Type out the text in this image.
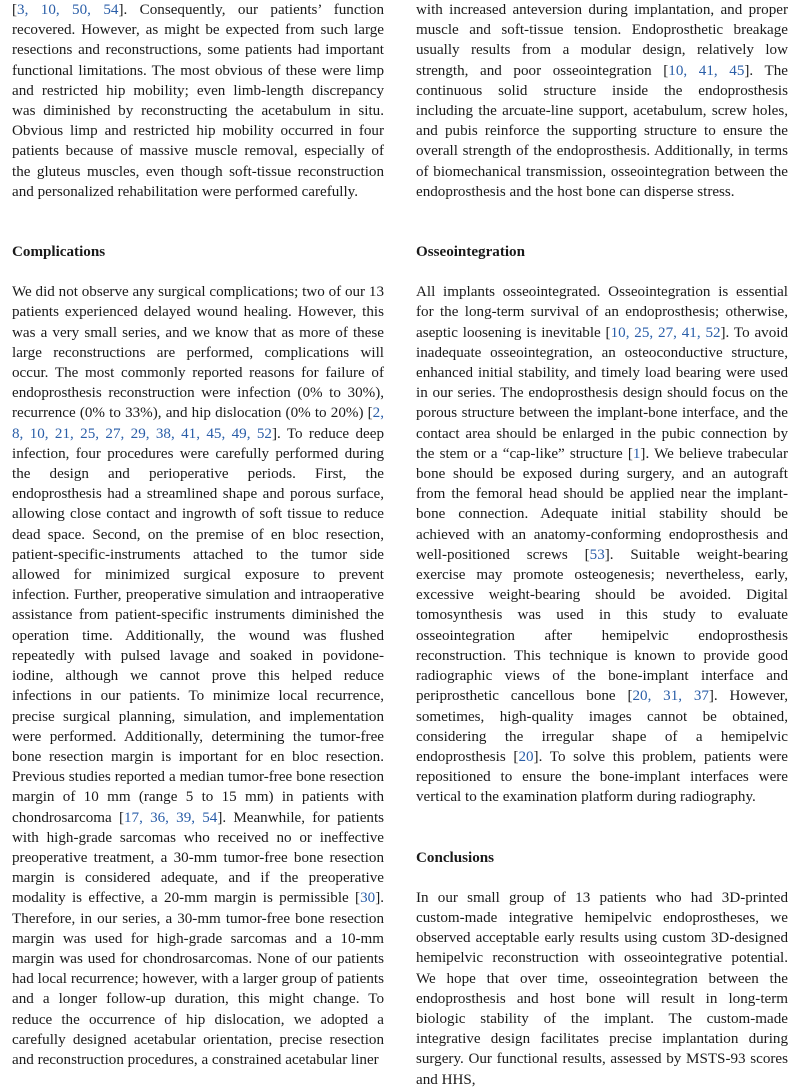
[3, 10, 50, 54]. Consequently, our patients’ function recovered. However, as might be expected from such large resections and reconstructions, some patients had important functional limitations. The most obvious of these were limp and restricted hip mobility; even limb-length discrepancy was diminished by reconstructing the acetabulum in situ. Obvious limp and restricted hip mobility occurred in four patients because of massive muscle removal, especially of the gluteus muscles, even though soft-tissue reconstruction and personalized rehabilitation were performed carefully.

Complications

We did not observe any surgical complications; two of our 13 patients experienced delayed wound healing. However, this was a very small series, and we know that as more of these large reconstructions are performed, complications will occur. The most commonly reported reasons for failure of endoprosthesis reconstruction were infection (0% to 30%), recurrence (0% to 33%), and hip dislocation (0% to 20%) [2, 8, 10, 21, 25, 27, 29, 38, 41, 45, 49, 52]. To reduce deep infection, four procedures were carefully performed during the design and perioperative periods. First, the endoprosthesis had a streamlined shape and porous surface, allowing close contact and ingrowth of soft tissue to reduce dead space. Second, on the premise of en bloc resection, patient-specific-instruments attached to the tumor side allowed for minimized surgical exposure to prevent infection. Further, preoperative simulation and intraoperative assistance from patient-specific instruments diminished the operation time. Additionally, the wound was flushed repeatedly with pulsed lavage and soaked in povidone-iodine, although we cannot prove this helped reduce infections in our patients. To minimize local recurrence, precise surgical planning, simulation, and implementation were performed. Additionally, determining the tumor-free bone resection margin is important for en bloc resection. Previous studies reported a median tumor-free bone resection margin of 10 mm (range 5 to 15 mm) in patients with chondrosarcoma [17, 36, 39, 54]. Meanwhile, for patients with high-grade sarcomas who received no or ineffective preoperative treatment, a 30-mm tumor-free bone resection margin is considered adequate, and if the preoperative modality is effective, a 20-mm margin is permissible [30]. Therefore, in our series, a 30-mm tumor-free bone resection margin was used for high-grade sarcomas and a 10-mm margin was used for chondrosarcomas. None of our patients had local recurrence; however, with a larger group of patients and a longer follow-up duration, this might change. To reduce the occurrence of hip dislocation, we adopted a carefully designed acetabular orientation, precise resection and reconstruction procedures, a constrained acetabular liner

with increased anteversion during implantation, and proper muscle and soft-tissue tension. Endoprosthetic breakage usually results from a modular design, relatively low strength, and poor osseointegration [10, 41, 45]. The continuous solid structure inside the endoprosthesis including the arcuate-line support, acetabulum, screw holes, and pubis reinforce the supporting structure to ensure the overall strength of the endoprosthesis. Additionally, in terms of biomechanical transmission, osseointegration between the endoprosthesis and the host bone can disperse stress.

Osseointegration

All implants osseointegrated. Osseointegration is essential for the long-term survival of an endoprosthesis; otherwise, aseptic loosening is inevitable [10, 25, 27, 41, 52]. To avoid inadequate osseointegration, an osteoconductive structure, enhanced initial stability, and timely load bearing were used in our series. The endoprosthesis design should focus on the porous structure between the implant-bone interface, and the contact area should be enlarged in the pubic connection by the stem or a “cap-like” structure [1]. We believe trabecular bone should be exposed during surgery, and an autograft from the femoral head should be applied near the implant-bone connection. Adequate initial stability should be achieved with an anatomy-conforming endoprosthesis and well-positioned screws [53]. Suitable weight-bearing exercise may promote osteogenesis; nevertheless, early, excessive weight-bearing should be avoided. Digital tomosynthesis was used in this study to evaluate osseointegration after hemipelvic endoprosthesis reconstruction. This technique is known to provide good radiographic views of the bone-implant interface and periprosthetic cancellous bone [20, 31, 37]. However, sometimes, high-quality images cannot be obtained, considering the irregular shape of a hemipelvic endoprosthesis [20]. To solve this problem, patients were repositioned to ensure the bone-implant interfaces were vertical to the examination platform during radiography.

Conclusions

In our small group of 13 patients who had 3D-printed custom-made integrative hemipelvic endoprostheses, we observed acceptable early results using custom 3D-designed hemipelvic reconstruction with osseointegrative potential. We hope that over time, osseointegration between the endoprosthesis and host bone will result in long-term biologic stability of the implant. The custom-made integrative design facilitates precise implantation during surgery. Our functional results, assessed by MSTS-93 scores and HHS,
